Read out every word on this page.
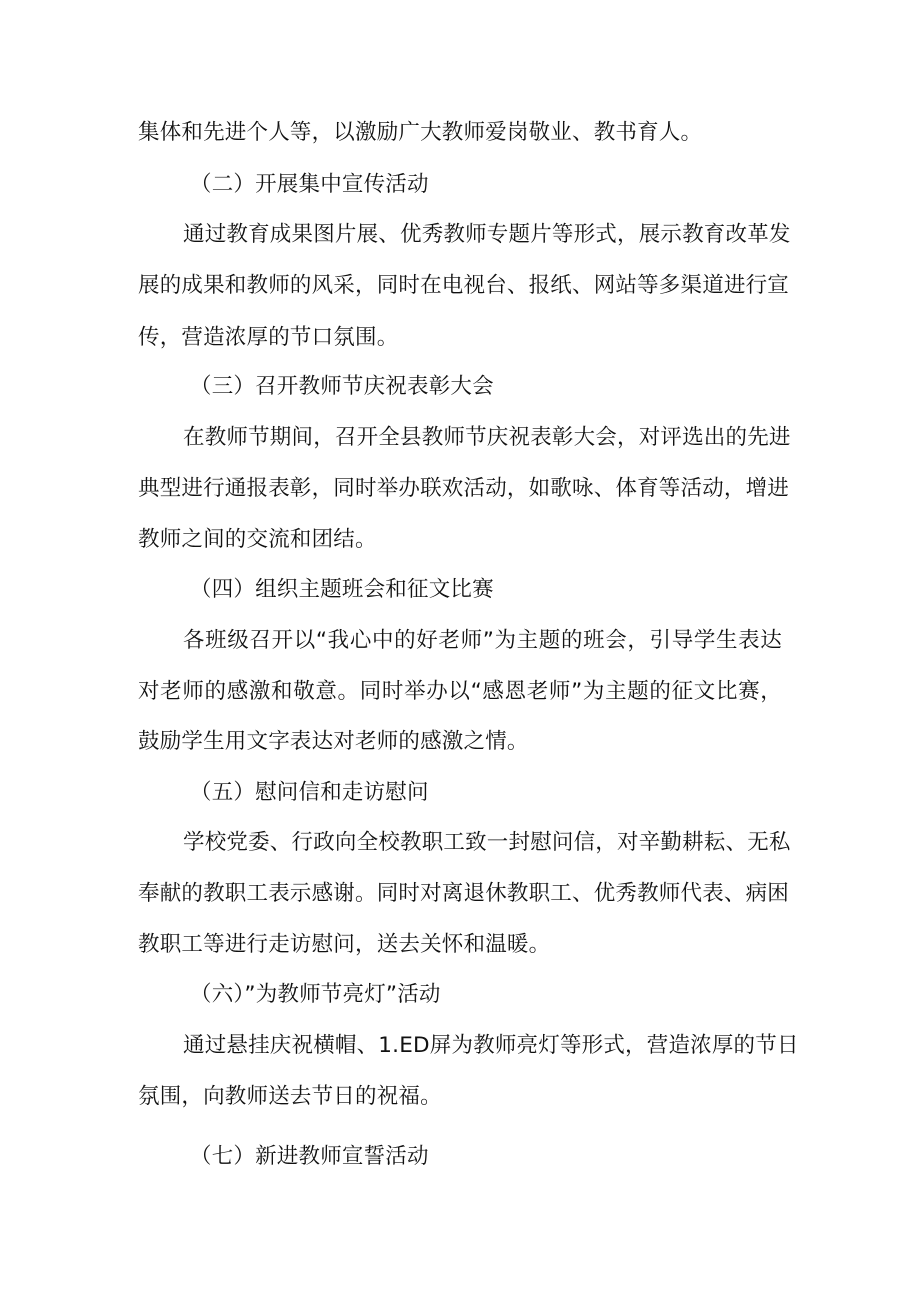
集体和先进个人等，以激励广大教师爱岗敬业、教书育人。
（二）开展集中宣传活动
通过教育成果图片展、优秀教师专题片等形式，展示教育改革发
展的成果和教师的风采，同时在电视台、报纸、网站等多渠道进行宣
传，营造浓厚的节口氛围。
（三）召开教师节庆祝表彰大会
在教师节期间，召开全县教师节庆祝表彰大会，对评选出的先进
典型进行通报表彰，同时举办联欢活动，如歌咏、体育等活动，增进
教师之间的交流和团结。
（四）组织主题班会和征文比赛
各班级召开以“我心中的好老师”为主题的班会，引导学生表达
对老师的感激和敬意。同时举办以“感恩老师”为主题的征文比赛，
鼓励学生用文字表达对老师的感激之情。
（五）慰问信和走访慰问
学校党委、行政向全校教职工致一封慰问信，对辛勤耕耘、无私
奉献的教职工表示感谢。同时对离退休教职工、优秀教师代表、病困
教职工等进行走访慰问，送去关怀和温暖。
（六）”为教师节亮灯”活动
通过悬挂庆祝横帽、1.ED屏为教师亮灯等形式，营造浓厚的节日
氛围，向教师送去节日的祝福。
（七）新进教师宣誓活动
